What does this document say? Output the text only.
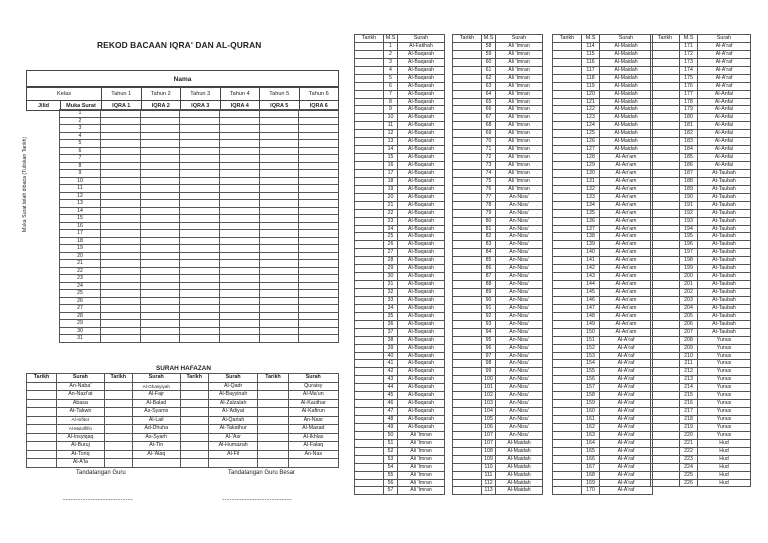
REKOD BACAAN IQRA' DAN AL-QURAN
Nama
Kelas		Tahun 1	Tahun 2	Tahun 3	Tahun 4	Tahun 5	Tahun 6
Jilid	Muka Surat	IQRA 1	IQRA 2	IQRA 3	IQRA 4	IQRA 5	IQRA 6
1						
2						
3						
4						
5						
6						
7						
8						
9						
10						
11						
12						
13						
14						
15						
16						
17						
18						
19						
20						
21						
22						
23						
24						
25						
26						
27						
28						
29						
30						
31						
Muka Surat telah dibaca (Tuliskan Tarikh)
SURAH HAFAZAN
Tarikh	Surah	Tarikh	Surah	Tarikh	Surah	Tarikh	Surah
	An-Naba'		Al-Ghasyiyah		Al-Qadr		Quraisy
	An-Nazi'at		Al-Fajr		Al-Bayyinah		Al-Ma'un
	Abasa		Al-Balad		Al-Zalzalah		Al-Kauthar
	At-Takwir		As-Syams		Al-'Adiyat		Al-Kafirun
	Al-Infitor		Al-Lail		Al-Qariah		An-Nasr
	Al-Mutoffifin		Ad-Dhuha		At-Takathur		Al-Masad
	Al-Insyiqaq		As-Syarh		Al-'Asr		Al-Ikhlas
	Al-Buruj		At-Tin		Al-Humazah		Al-Falaq
	At-Toriq		Al-'Alaq		Al-Fil		An-Nas
	Al-A'la						
Tandatangan Guru	Tandatangan Guru Besar
----------------------------	----------------------------
Tarikh	M.S	Surah
	1	Al-Fatihah
	2	Al-Baqarah
	3	Al-Baqarah
	4	Al-Baqarah
	5	Al-Baqarah
	6	Al-Baqarah
	7	Al-Baqarah
	8	Al-Baqarah
	9	Al-Baqarah
	10	Al-Baqarah
	11	Al-Baqarah
	12	Al-Baqarah
	13	Al-Baqarah
	14	Al-Baqarah
	15	Al-Baqarah
	16	Al-Baqarah
	17	Al-Baqarah
	18	Al-Baqarah
	19	Al-Baqarah
	20	Al-Baqarah
	21	Al-Baqarah
	22	Al-Baqarah
	23	Al-Baqarah
	24	Al-Baqarah
	25	Al-Baqarah
	26	Al-Baqarah
	27	Al-Baqarah
	28	Al-Baqarah
	29	Al-Baqarah
	30	Al-Baqarah
	31	Al-Baqarah
	32	Al-Baqarah
	33	Al-Baqarah
	34	Al-Baqarah
	35	Al-Baqarah
	36	Al-Baqarah
	37	Al-Baqarah
	38	Al-Baqarah
	39	Al-Baqarah
	40	Al-Baqarah
	41	Al-Baqarah
	42	Al-Baqarah
	43	Al-Baqarah
	44	Al-Baqarah
	45	Al-Baqarah
	46	Al-Baqarah
	47	Al-Baqarah
	48	Al-Baqarah
	49	Al-Baqarah
	50	Ali 'Imran
	51	Ali 'Imran
	52	Ali 'Imran
	53	Ali 'Imran
	54	Ali 'Imran
	55	Ali 'Imran
	56	Ali 'Imran
	57	Ali 'Imran
Tarikh	M.S	Surah
	58	Ali 'Imran
	59	Ali 'Imran
	60	Ali 'Imran
	61	Ali 'Imran
	62	Ali 'Imran
	63	Ali 'Imran
	64	Ali 'Imran
	65	Ali 'Imran
	66	Ali 'Imran
	67	Ali 'Imran
	68	Ali 'Imran
	69	Ali 'Imran
	70	Ali 'Imran
	71	Ali 'Imran
	72	Ali 'Imran
	73	Ali 'Imran
	74	Ali 'Imran
	75	Ali 'Imran
	76	Ali 'Imran
	77	An-Nisa'
	78	An-Nisa'
	79	An-Nisa'
	80	An-Nisa'
	81	An-Nisa'
	82	An-Nisa'
	83	An-Nisa'
	84	An-Nisa'
	85	An-Nisa'
	86	An-Nisa'
	87	An-Nisa'
	88	An-Nisa'
	89	An-Nisa'
	90	An-Nisa'
	91	An-Nisa'
	92	An-Nisa'
	93	An-Nisa'
	94	An-Nisa'
	95	An-Nisa'
	96	An-Nisa'
	97	An-Nisa'
	98	An-Nisa'
	99	An-Nisa'
	100	An-Nisa'
	101	An-Nisa'
	102	An-Nisa'
	103	An-Nisa'
	104	An-Nisa'
	105	An-Nisa'
	106	An-Nisa'
	107	An-Nisa'
	107	Al-Maidah
	108	Al-Maidah
	109	Al-Maidah
	110	Al-Maidah
	111	Al-Maidah
	112	Al-Maidah
	113	Al-Maidah
Tarikh	M.S	Surah
	114	Al-Maidah
	115	Al-Maidah
	116	Al-Maidah
	117	Al-Maidah
	118	Al-Maidah
	119	Al-Maidah
	120	Al-Maidah
	121	Al-Maidah
	122	Al-Maidah
	123	Al-Maidah
	124	Al-Maidah
	125	Al-Maidah
	126	Al-Maidah
	127	Al-Maidah
	128	Al-An'am
	129	Al-An'am
	130	Al-An'am
	131	Al-An'am
	132	Al-An'am
	133	Al-An'am
	134	Al-An'am
	135	Al-An'am
	136	Al-An'am
	137	Al-An'am
	138	Al-An'am
	139	Al-An'am
	140	Al-An'am
	141	Al-An'am
	142	Al-An'am
	143	Al-An'am
	144	Al-An'am
	145	Al-An'am
	146	Al-An'am
	147	Al-An'am
	148	Al-An'am
	149	Al-An'am
	150	Al-An'am
	151	Al-A'raf
	152	Al-A'raf
	153	Al-A'raf
	154	Al-A'raf
	155	Al-A'raf
	156	Al-A'raf
	157	Al-A'raf
	158	Al-A'raf
	159	Al-A'raf
	160	Al-A'raf
	161	Al-A'raf
	162	Al-A'raf
	163	Al-A'raf
	164	Al-A'raf
	165	Al-A'raf
	166	Al-A'raf
	167	Al-A'raf
	168	Al-A'raf
	169	Al-A'raf
	170	Al-A'raf
Tarikh	M.S	Surah
	171	Al-A'raf
	172	Al-A'raf
	173	Al-A'raf
	174	Al-A'raf
	175	Al-A'raf
	176	Al-A'raf
	177	Al-Anfal
	178	Al-Anfal
	179	Al-Anfal
	180	Al-Anfal
	181	Al-Anfal
	182	Al-Anfal
	183	Al-Anfal
	184	Al-Anfal
	185	Al-Anfal
	186	Al-Anfal
	187	At-Taubah
	188	At-Taubah
	189	At-Taubah
	190	At-Taubah
	191	At-Taubah
	192	At-Taubah
	193	At-Taubah
	194	At-Taubah
	195	At-Taubah
	196	At-Taubah
	197	At-Taubah
	198	At-Taubah
	199	At-Taubah
	200	At-Taubah
	201	At-Taubah
	202	At-Taubah
	203	At-Taubah
	204	At-Taubah
	205	At-Taubah
	206	At-Taubah
	207	At-Taubah
	208	Yunus
	209	Yunus
	210	Yunus
	211	Yunus
	212	Yunus
	213	Yunus
	214	Yunus
	215	Yunus
	216	Yunus
	217	Yunus
	218	Yunus
	219	Yunus
	220	Yunus
	221	Hud
	222	Hud
	223	Hud
	224	Hud
	225	Hud
	226	Hud
